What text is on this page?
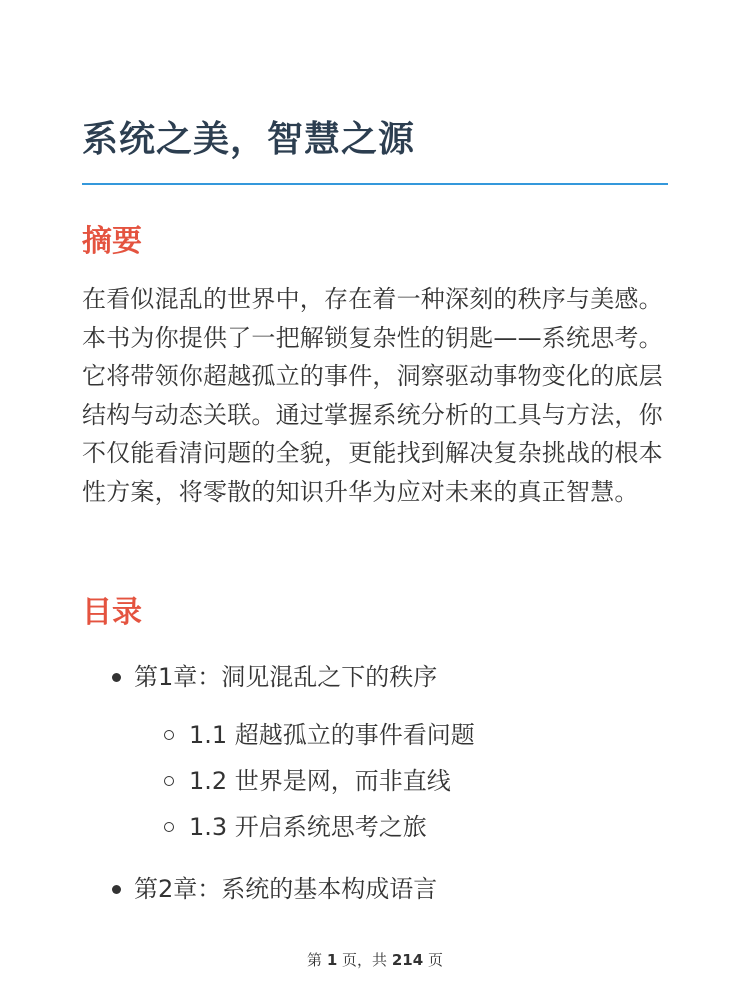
系统之美，智慧之源
摘要

在看似混乱的世界中，存在着一种深刻的秩序与美感。本书为你提供了一把解锁复杂性的钥匙——系统思考。它将带领你超越孤立的事件，洞察驱动事物变化的底层结构与动态关联。通过掌握系统分析的工具与方法，你不仅能看清问题的全貌，更能找到解决复杂挑战的根本性方案，将零散的知识升华为应对未来的真正智慧。

目录
第1章：洞见混乱之下的秩序
1.1 超越孤立的事件看问题
1.2 世界是网，而非直线
1.3 开启系统思考之旅
第2章：系统的基本构成语言
第 1 页，共 214 页
